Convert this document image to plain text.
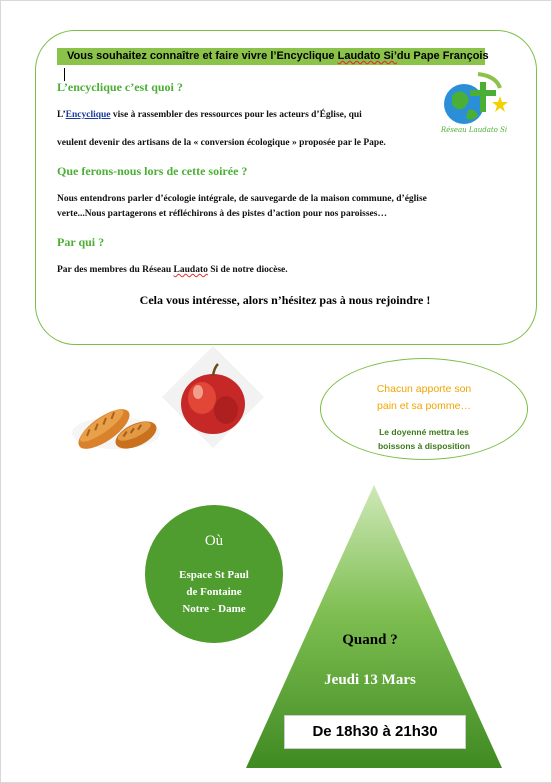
Vous souhaitez connaître et faire vivre l’Encyclique Laudato Si’du Pape François
L’encyclique c’est quoi ?
L’Encyclique vise à rassembler des ressources pour les acteurs d’Église, qui
veulent devenir des artisans de la « conversion écologique » proposée par le Pape.
Que ferons-nous lors de cette soirée ?
Nous entendrons parler d’écologie intégrale, de sauvegarde de la maison commune, d’église
verte...Nous partagerons et réfléchirons à des pistes d’action pour nos paroisses…
Par qui ?
Par des membres du Réseau Laudato Si de notre diocèse.
Cela vous intéresse, alors n’hésitez pas à nous rejoindre !
Réseau Laudato Si
Chacun apporte son
pain et sa pomme…
Le doyenné mettra les
boissons à disposition
Où
Espace St Paul
de Fontaine
Notre - Dame
Quand ?
Jeudi 13 Mars
De 18h30 à 21h30
